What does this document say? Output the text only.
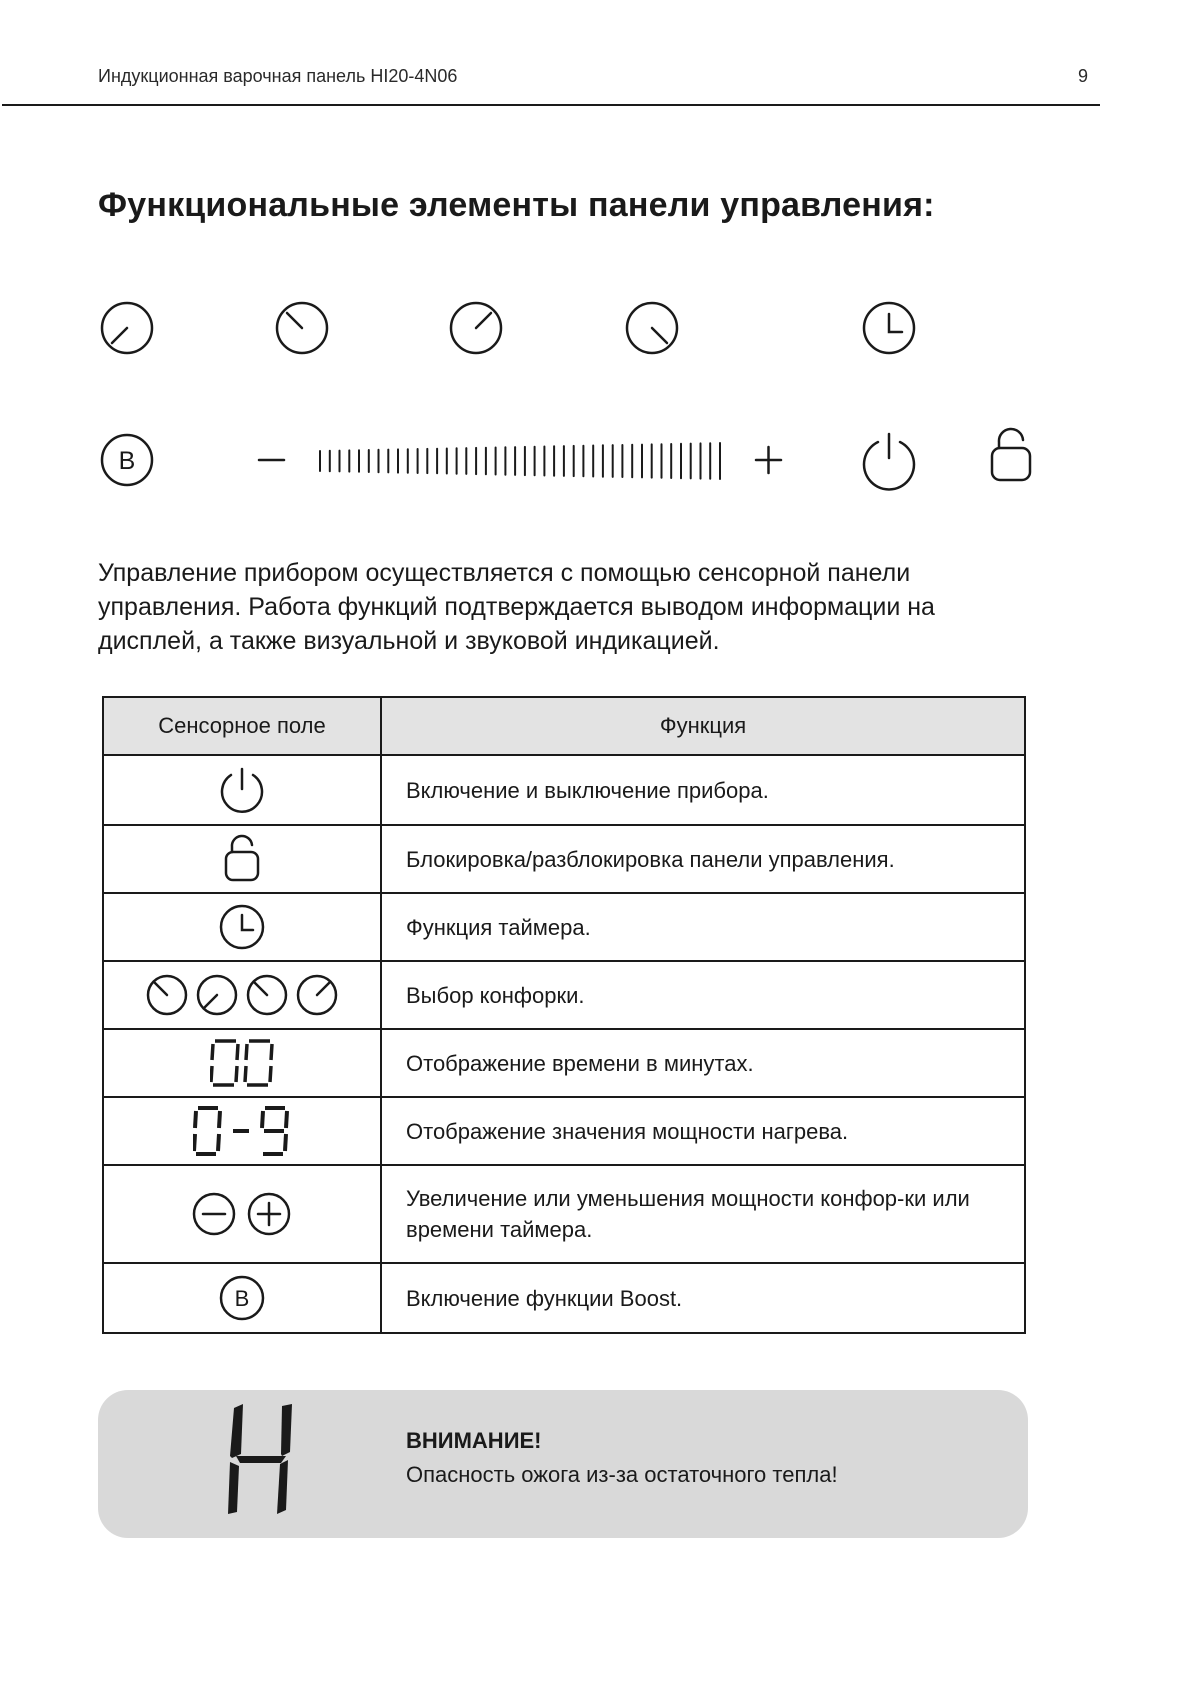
Индукционная варочная панель HI20-4N06	9
Функциональные элементы панели управления:
B

Управление прибором осуществляется с помощью сенсорной панели управления. Работа функций подтверждается выводом информации на дисплей, а также визуальной и звуковой индикацией.

Сенсорное поле	Функция

	Включение и выключение прибора.

	Блокировка/разблокировка панели управления.

	Функция таймера.

	Выбор конфорки.

	Отображение времени в минутах.

	Отображение значения мощности нагрева.

	Увеличение или уменьшения мощности конфор-ки или времени таймера.

B	Включение функции Boost.
ВНИМАНИЕ!
Опасность ожога из-за остаточного тепла!
